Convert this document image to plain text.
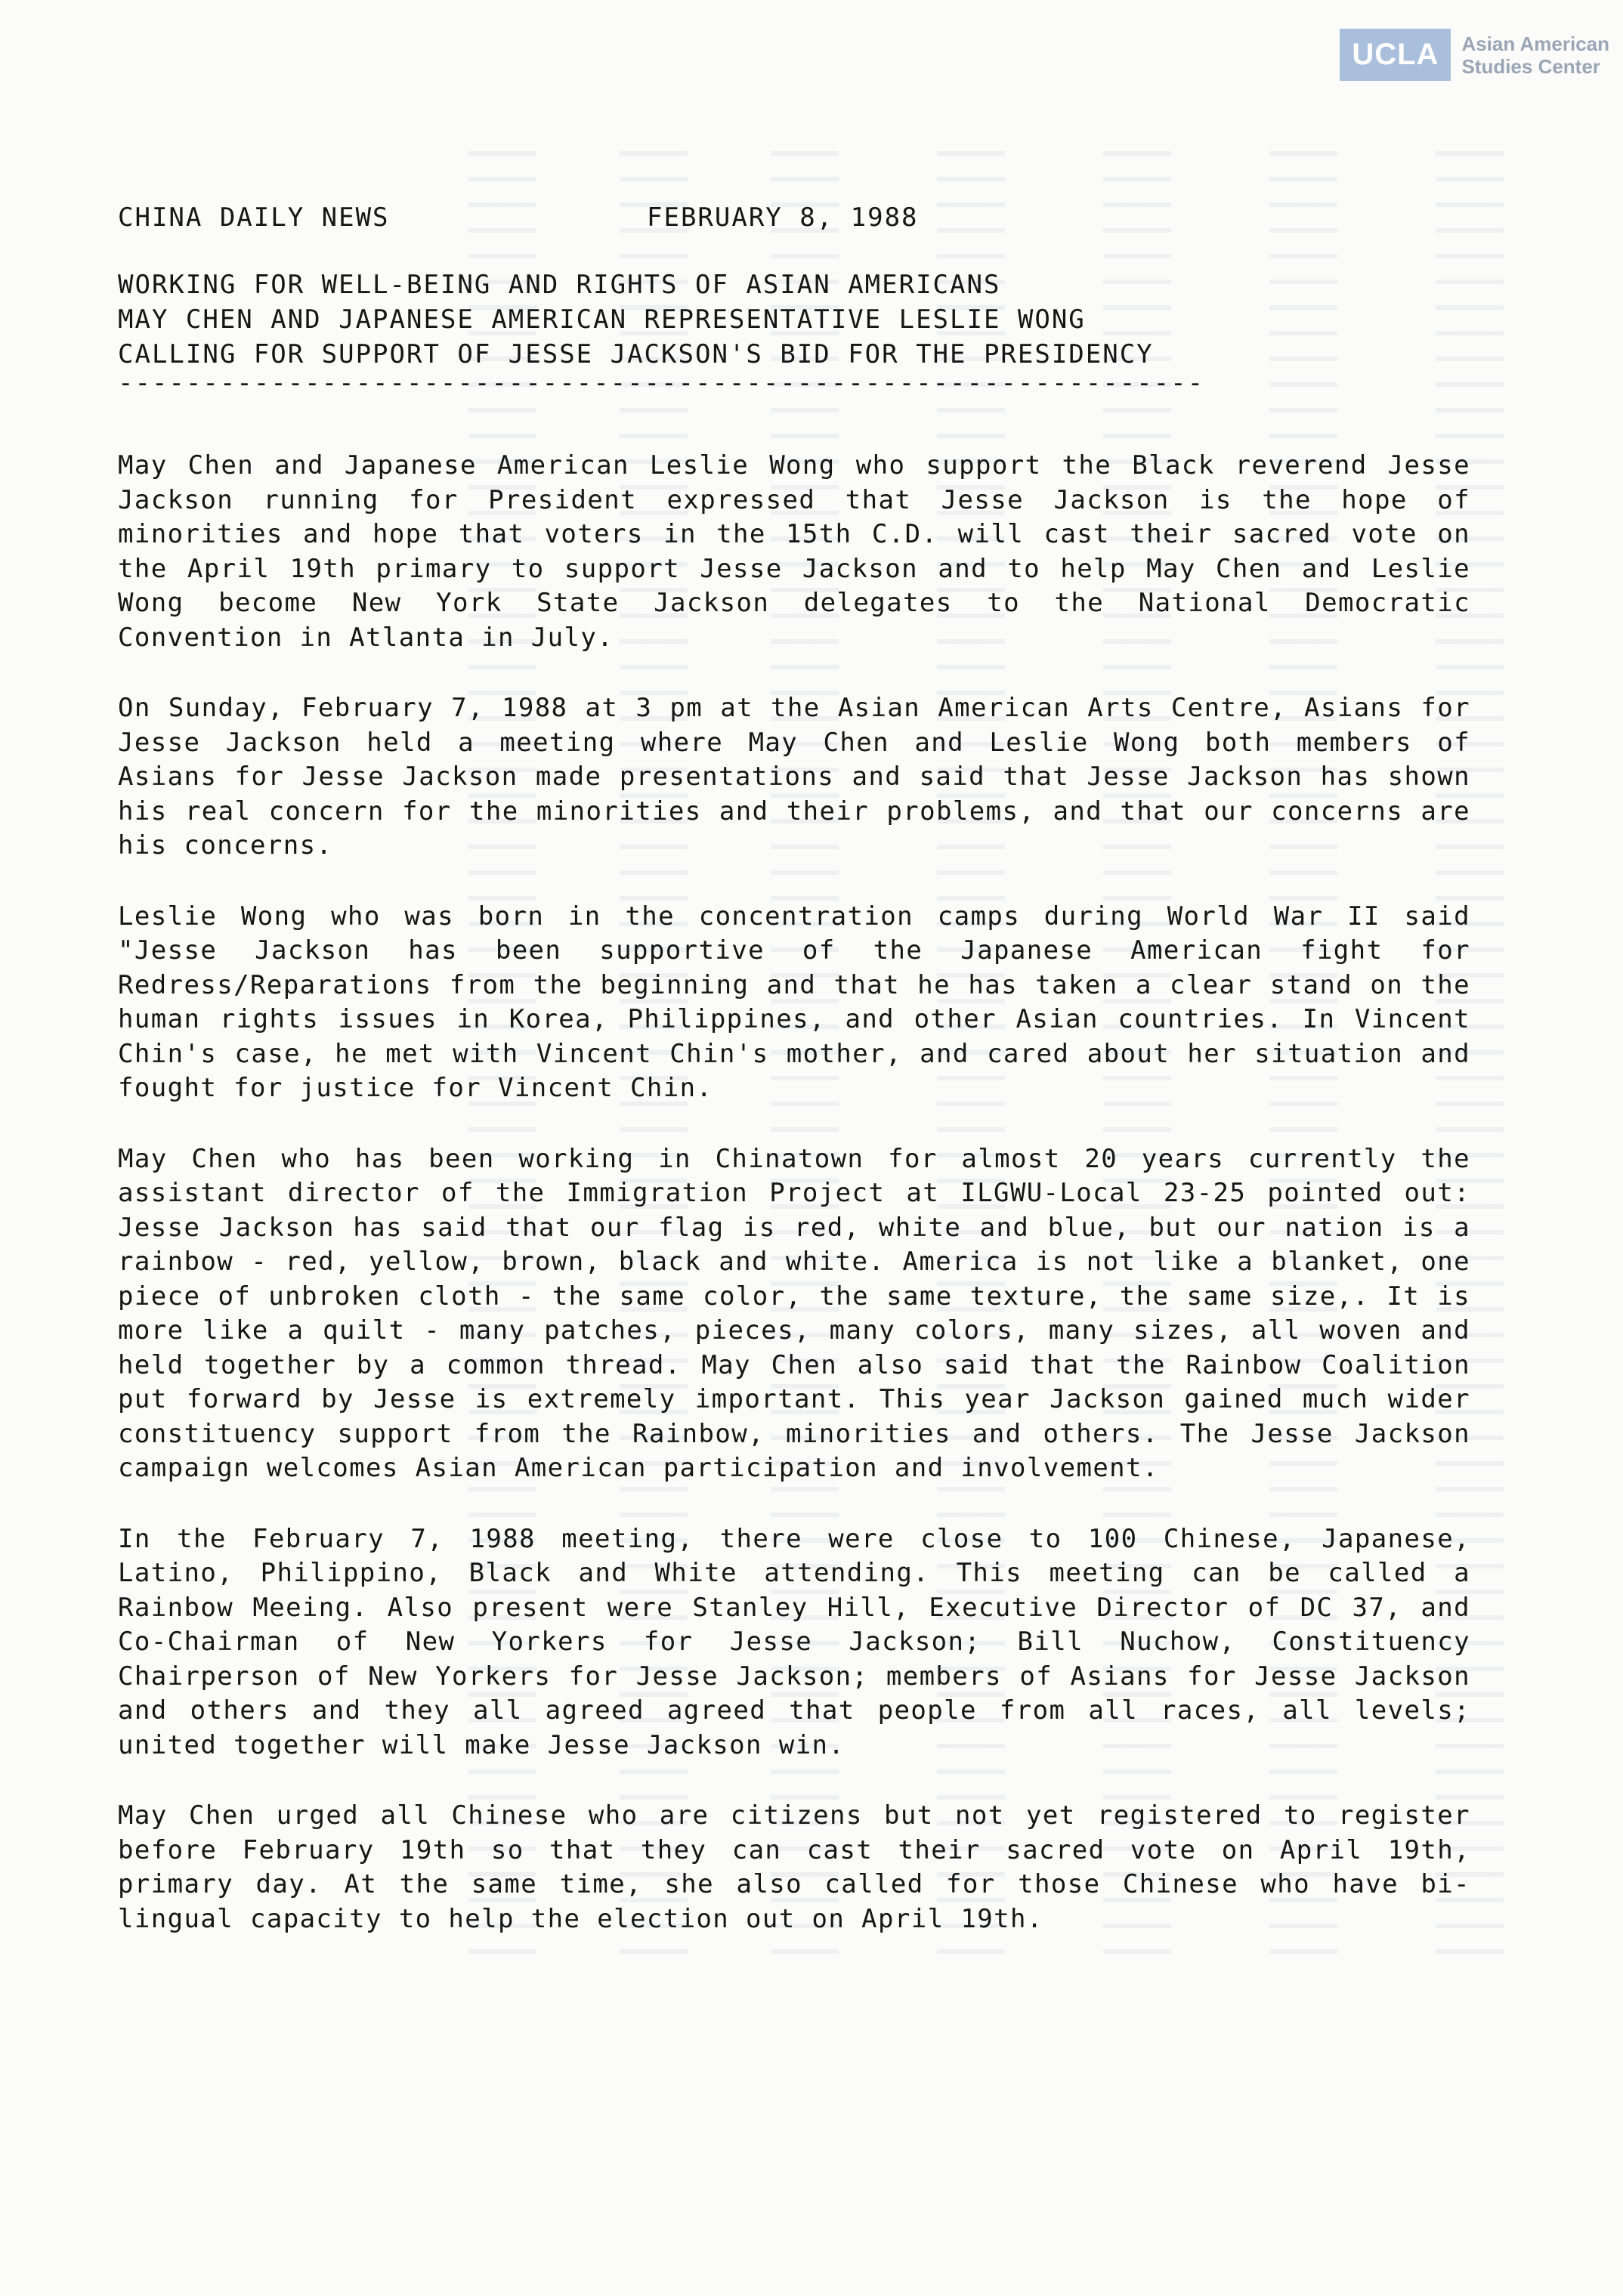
UCLA	Asian American
Studies Center
CHINA DAILY NEWS	FEBRUARY 8, 1988
WORKING FOR WELL-BEING AND RIGHTS OF ASIAN AMERICANS
MAY CHEN AND JAPANESE AMERICAN REPRESENTATIVE LESLIE WONG
CALLING FOR SUPPORT OF JESSE JACKSON'S BID FOR THE PRESIDENCY
----------------------------------------------------------------

May Chen and Japanese American Leslie Wong who support the Black reverend Jesse Jackson running for President expressed that Jesse Jackson is the hope of minorities and hope that voters in the 15th C.D. will cast their sacred vote on the April 19th primary to support Jesse Jackson and to help May Chen and Leslie Wong become New York State Jackson delegates to the National Democratic Convention in Atlanta in July.

On Sunday, February 7, 1988 at 3 pm at the Asian American Arts Centre, Asians for Jesse Jackson held a meeting where May Chen and Leslie Wong both members of Asians for Jesse Jackson made presentations and said that Jesse Jackson has shown his real concern for the minorities and their problems, and that our concerns are his concerns.

Leslie Wong who was born in the concentration camps during World War II said "Jesse Jackson has been supportive of the Japanese American fight for Redress/Reparations from the beginning and that he has taken a clear stand on the human rights issues in Korea, Philippines, and other Asian countries. In Vincent Chin's case, he met with Vincent Chin's mother, and cared about her situation and fought for justice for Vincent Chin.

May Chen who has been working in Chinatown for almost 20 years currently the assistant director of the Immigration Project at ILGWU-Local 23-25 pointed out: Jesse Jackson has said that our flag is red, white and blue, but our nation is a rainbow - red, yellow, brown, black and white. America is not like a blanket, one piece of unbroken cloth - the same color, the same texture, the same size,. It is more like a quilt - many patches, pieces, many colors, many sizes, all woven and held together by a common thread. May Chen also said that the Rainbow Coalition put forward by Jesse is extremely important. This year Jackson gained much wider constituency support from the Rainbow, minorities and others. The Jesse Jackson campaign welcomes Asian American participation and involvement.

In the February 7, 1988 meeting, there were close to 100 Chinese, Japanese, Latino, Philippino, Black and White attending. This meeting can be called a Rainbow Meeing. Also present were Stanley Hill, Executive Director of DC 37, and Co-Chairman of New Yorkers for Jesse Jackson; Bill Nuchow, Constituency Chairperson of New Yorkers for Jesse Jackson; members of Asians for Jesse Jackson and others and they all agreed agreed that people from all races, all levels; united together will make Jesse Jackson win.

May Chen urged all Chinese who are citizens but not yet registered to register before February 19th so that they can cast their sacred vote on April 19th, primary day. At the same time, she also called for those Chinese who have bi-lingual capacity to help the election out on April 19th.
